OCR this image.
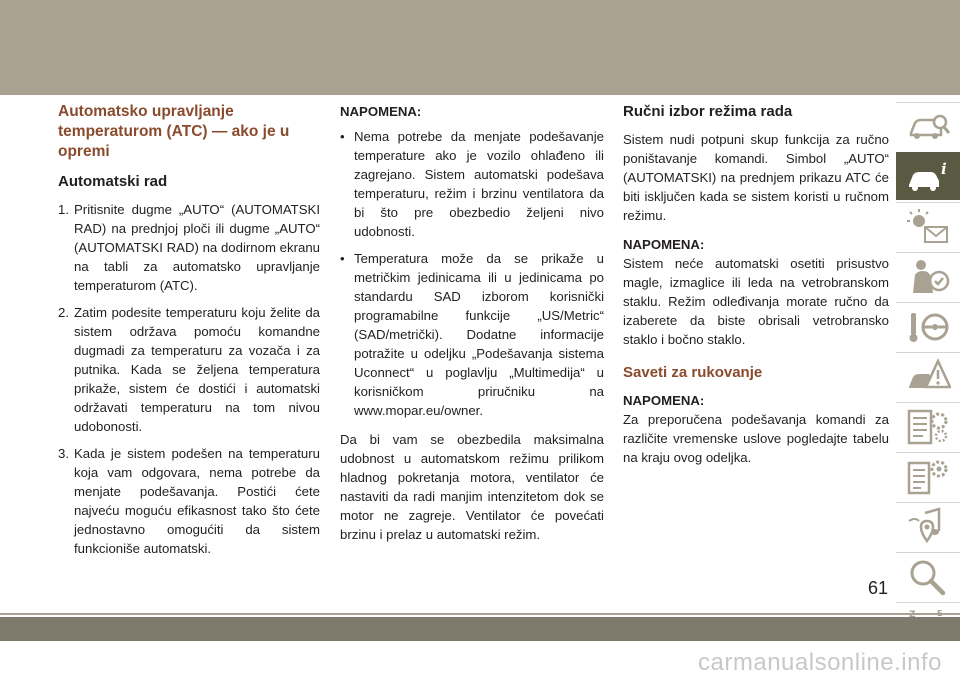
Automatsko upravljanje
temperaturom (ATC) — ako je u
opremi
Automatski rad
1. Pritisnite dugme „AUTO“ (AUTOMATSKI RAD) na prednjoj ploči ili dugme „AUTO“ (AUTOMATSKI RAD) na dodirnom ekranu na tabli za automatsko upravljanje temperaturom (ATC).
2. Zatim podesite temperaturu koju želite da sistem održava pomoću komandne dugmadi za temperaturu za vozača i za putnika. Kada se željena temperatura prikaže, sistem će dostići i automatski održavati temperaturu na tom nivou udobonosti.
3. Kada je sistem podešen na temperaturu koja vam odgovara, nema potrebe da menjate podešavanja. Postići ćete najveću moguću efikasnost tako što ćete jednostavno omogućiti da sistem funkcioniše automatski.
NAPOMENA:
• Nema potrebe da menjate podešavanje temperature ako je vozilo ohlađeno ili zagrejano. Sistem automatski podešava temperaturu, režim i brzinu ventilatora da bi što pre obezbedio željeni nivo udobnosti.
• Temperatura može da se prikaže u metričkim jedinicama ili u jedinicama po standardu SAD izborom korisnički programabilne funkcije „US/Metric“ (SAD/metrički). Dodatne informacije potražite u odeljku „Podešavanja sistema Uconnect“ u poglavlju „Multimedija“ u korisničkom priručniku na www.mopar.eu/owner.

Da bi vam se obezbedila maksimalna udobnost u automatskom režimu prilikom hladnog pokretanja motora, ventilator će nastaviti da radi manjim intenzitetom dok se motor ne zagreje. Ventilator će povećati brzinu i prelaz u automatski režim.

Ručni izbor režima rada

Sistem nudi potpuni skup funkcija za ručno poništavanje komandi. Simbol „AUTO“ (AUTOMATSKI) na prednjem prikazu ATC će biti isključen kada se sistem koristi u ručnom režimu.

NAPOMENA:

Sistem neće automatski osetiti prisustvo magle, izmaglice ili leda na vetrobranskom staklu. Režim odleđivanja morate ručno da izaberete da biste obrisali vetrobransko staklo i bočno staklo.

Saveti za rukovanje
NAPOMENA:

Za preporučena podešavanja komandi za različite vremenske uslove pogledajte tabelu na kraju ovog odeljka.

i
61
carmanualsonline.info
